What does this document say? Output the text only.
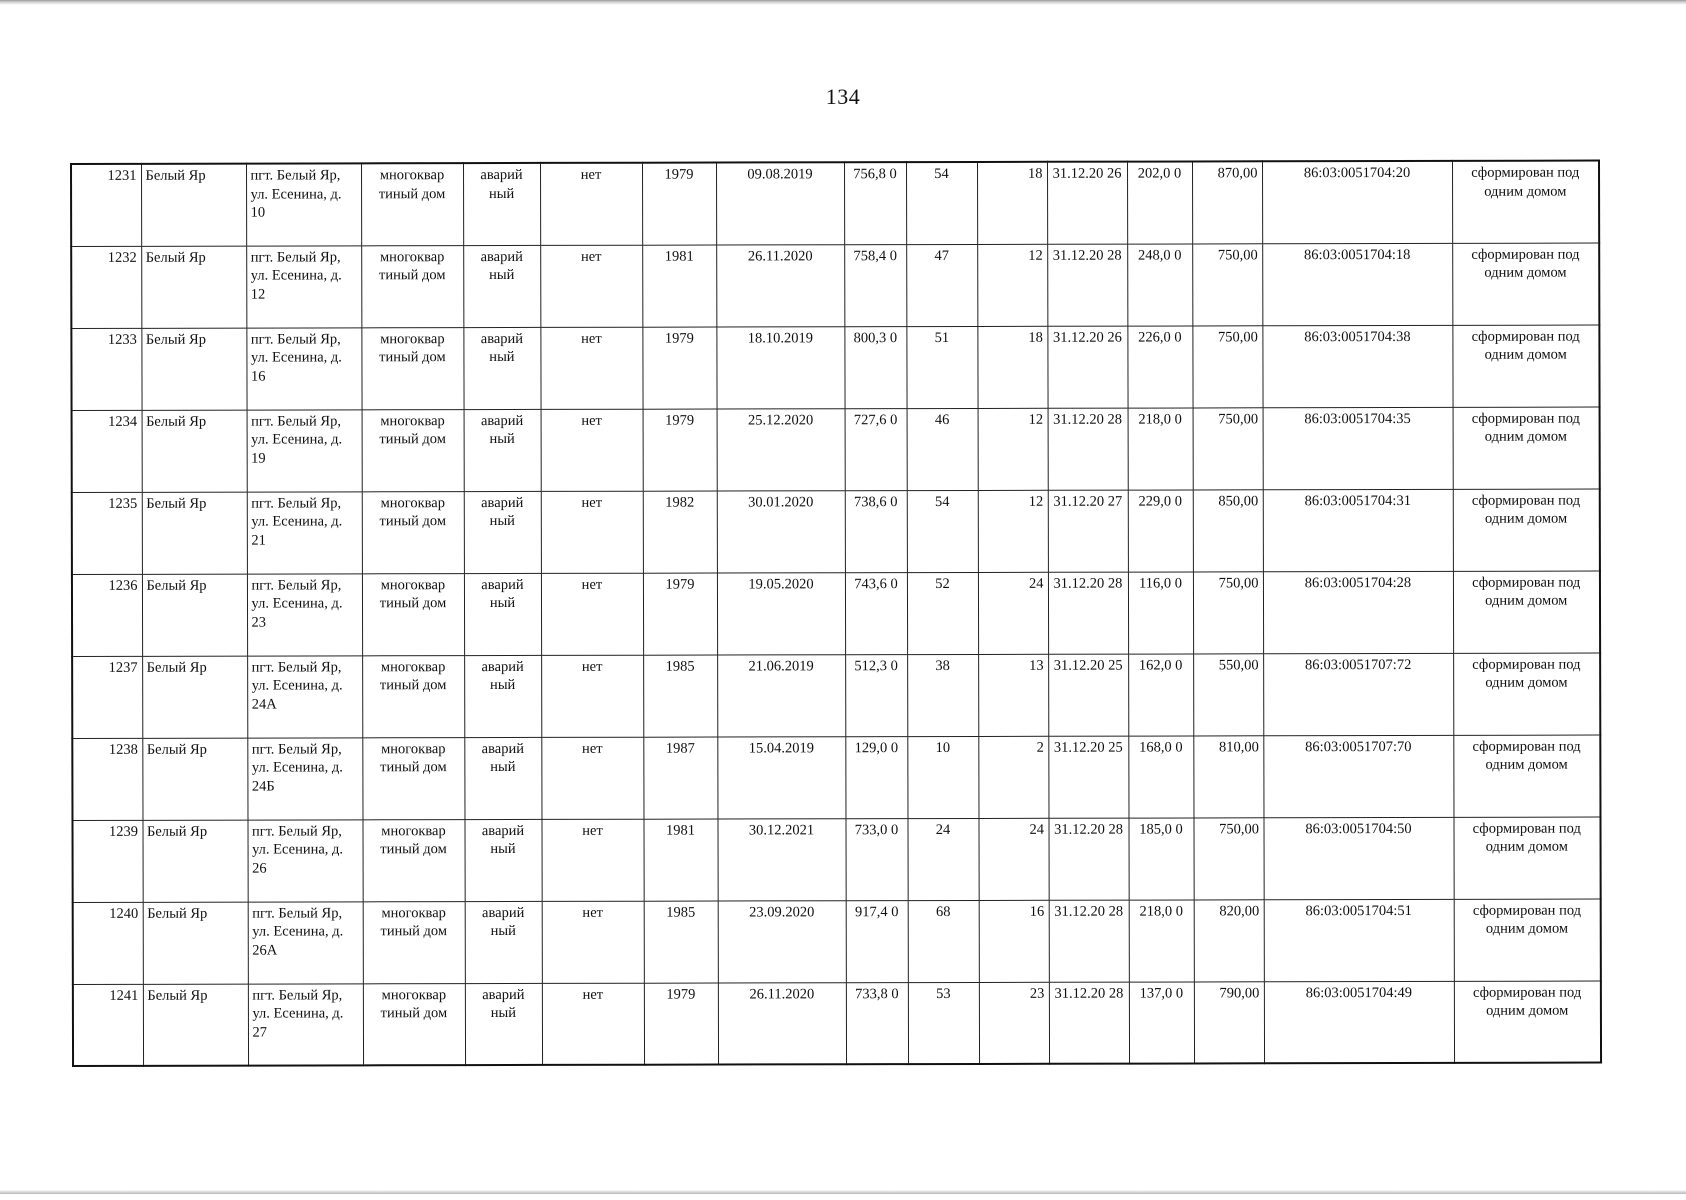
134
1231	Белый Яр	пгт. Белый Яр, ул. Есенина, д. 10	многоквар тиный дом	аварий ный	нет	1979	09.08.2019	756,8 0	54	18	31.12.20 26	202,0 0	870,00	86:03:0051704:20	сформирован под одним домом

1232	Белый Яр	пгт. Белый Яр, ул. Есенина, д. 12	многоквар тиный дом	аварий ный	нет	1981	26.11.2020	758,4 0	47	12	31.12.20 28	248,0 0	750,00	86:03:0051704:18	сформирован под одним домом

1233	Белый Яр	пгт. Белый Яр, ул. Есенина, д. 16	многоквар тиный дом	аварий ный	нет	1979	18.10.2019	800,3 0	51	18	31.12.20 26	226,0 0	750,00	86:03:0051704:38	сформирован под одним домом

1234	Белый Яр	пгт. Белый Яр, ул. Есенина, д. 19	многоквар тиный дом	аварий ный	нет	1979	25.12.2020	727,6 0	46	12	31.12.20 28	218,0 0	750,00	86:03:0051704:35	сформирован под одним домом

1235	Белый Яр	пгт. Белый Яр, ул. Есенина, д. 21	многоквар тиный дом	аварий ный	нет	1982	30.01.2020	738,6 0	54	12	31.12.20 27	229,0 0	850,00	86:03:0051704:31	сформирован под одним домом

1236	Белый Яр	пгт. Белый Яр, ул. Есенина, д. 23	многоквар тиный дом	аварий ный	нет	1979	19.05.2020	743,6 0	52	24	31.12.20 28	116,0 0	750,00	86:03:0051704:28	сформирован под одним домом

1237	Белый Яр	пгт. Белый Яр, ул. Есенина, д. 24А	многоквар тиный дом	аварий ный	нет	1985	21.06.2019	512,3 0	38	13	31.12.20 25	162,0 0	550,00	86:03:0051707:72	сформирован под одним домом

1238	Белый Яр	пгт. Белый Яр, ул. Есенина, д. 24Б	многоквар тиный дом	аварий ный	нет	1987	15.04.2019	129,0 0	10	2	31.12.20 25	168,0 0	810,00	86:03:0051707:70	сформирован под одним домом

1239	Белый Яр	пгт. Белый Яр, ул. Есенина, д. 26	многоквар тиный дом	аварий ный	нет	1981	30.12.2021	733,0 0	24	24	31.12.20 28	185,0 0	750,00	86:03:0051704:50	сформирован под одним домом

1240	Белый Яр	пгт. Белый Яр, ул. Есенина, д. 26А	многоквар тиный дом	аварий ный	нет	1985	23.09.2020	917,4 0	68	16	31.12.20 28	218,0 0	820,00	86:03:0051704:51	сформирован под одним домом

1241	Белый Яр	пгт. Белый Яр, ул. Есенина, д. 27	многоквар тиный дом	аварий ный	нет	1979	26.11.2020	733,8 0	53	23	31.12.20 28	137,0 0	790,00	86:03:0051704:49	сформирован под одним домом
